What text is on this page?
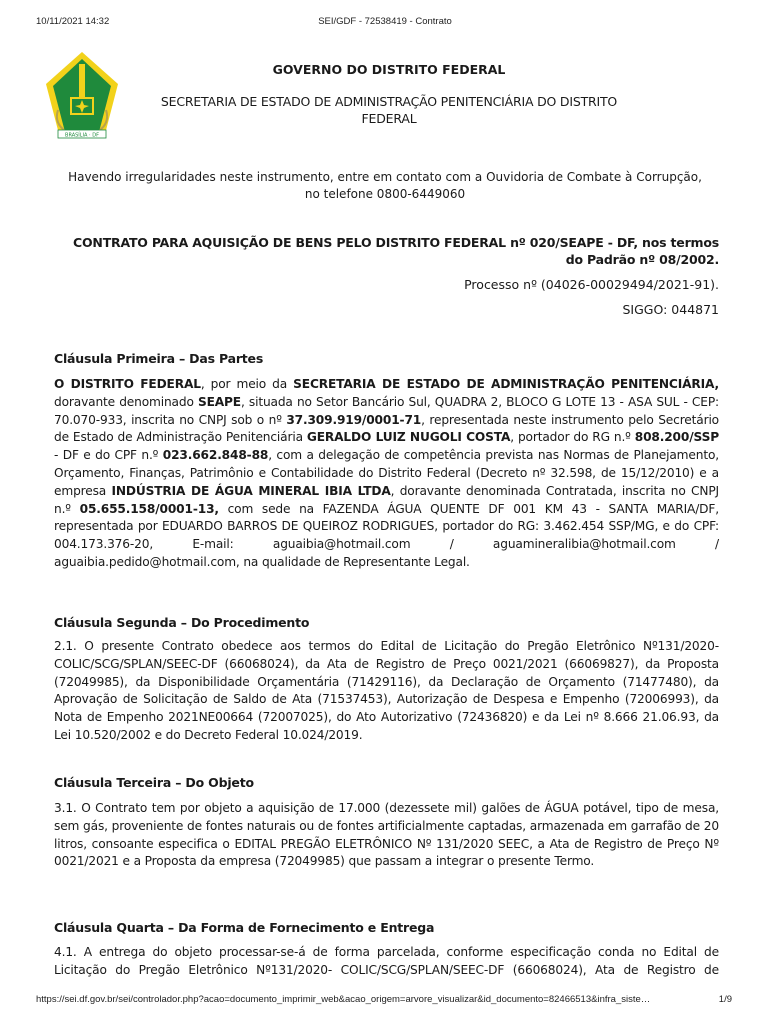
10/11/2021 14:32	SEI/GDF - 72538419 - Contrato
BRASÍLIA · DF
GOVERNO DO DISTRITO FEDERAL
SECRETARIA DE ESTADO DE ADMINISTRAÇÃO PENITENCIÁRIA DO DISTRITO FEDERAL
Havendo irregularidades neste instrumento, entre em contato com a Ouvidoria de Combate à Corrupção, no telefone 0800-6449060
CONTRATO PARA AQUISIÇÃO DE BENS PELO DISTRITO FEDERAL nº 020/SEAPE - DF, nos termos do Padrão nº 08/2002.
Processo nº (04026-00029494/2021-91).
SIGGO: 044871
Cláusula Primeira – Das Partes
O DISTRITO FEDERAL, por meio da SECRETARIA DE ESTADO DE ADMINISTRAÇÃO PENITENCIÁRIA, doravante denominado SEAPE, situada no Setor Bancário Sul, QUADRA 2, BLOCO G LOTE 13 - ASA SUL - CEP: 70.070-933, inscrita no CNPJ sob o nº 37.309.919/0001-71, representada neste instrumento pelo Secretário de Estado de Administração Penitenciária GERALDO LUIZ NUGOLI COSTA, portador do RG n.º 808.200/SSP - DF e do CPF n.º 023.662.848-88, com a delegação de competência prevista nas Normas de Planejamento, Orçamento, Finanças, Patrimônio e Contabilidade do Distrito Federal (Decreto nº 32.598, de 15/12/2010) e a empresa INDÚSTRIA DE ÁGUA MINERAL IBIA LTDA, doravante denominada Contratada, inscrita no CNPJ n.º 05.655.158/0001-13, com sede na FAZENDA ÁGUA QUENTE DF 001 KM 43 - SANTA MARIA/DF, representada por EDUARDO BARROS DE QUEIROZ RODRIGUES, portador do RG: 3.462.454 SSP/MG, e do CPF: 004.173.376-20, E-mail: aguaibia@hotmail.com / aguamineralibia@hotmail.com / aguaibia.pedido@hotmail.com, na qualidade de Representante Legal.
Cláusula Segunda – Do Procedimento
2.1. O presente Contrato obedece aos termos do Edital de Licitação do Pregão Eletrônico Nº131/2020-COLIC/SCG/SPLAN/SEEC-DF (66068024), da Ata de Registro de Preço 0021/2021 (66069827), da Proposta (72049985), da Disponibilidade Orçamentária (71429116), da Declaração de Orçamento (71477480), da Aprovação de Solicitação de Saldo de Ata (71537453), Autorização de Despesa e Empenho (72006993), da Nota de Empenho 2021NE00664 (72007025), do Ato Autorizativo (72436820) e da Lei nº 8.666 21.06.93, da Lei 10.520/2002 e do Decreto Federal 10.024/2019.
Cláusula Terceira – Do Objeto
3.1. O Contrato tem por objeto a aquisição de 17.000 (dezessete mil) galões de ÁGUA potável, tipo de mesa, sem gás, proveniente de fontes naturais ou de fontes artificialmente captadas, armazenada em garrafão de 20 litros, consoante especifica o EDITAL PREGÃO ELETRÔNICO Nº 131/2020 SEEC, a Ata de Registro de Preço Nº 0021/2021 e a Proposta da empresa (72049985) que passam a integrar o presente Termo.
Cláusula Quarta – Da Forma de Fornecimento e Entrega
4.1. A entrega do objeto processar-se-á de forma parcelada, conforme especificação conda no Edital de Licitação do Pregão Eletrônico Nº131/2020- COLIC/SCG/SPLAN/SEEC-DF (66068024), Ata de Registro de
https://sei.df.gov.br/sei/controlador.php?acao=documento_imprimir_web&acao_origem=arvore_visualizar&id_documento=82466513&infra_siste…	1/9
